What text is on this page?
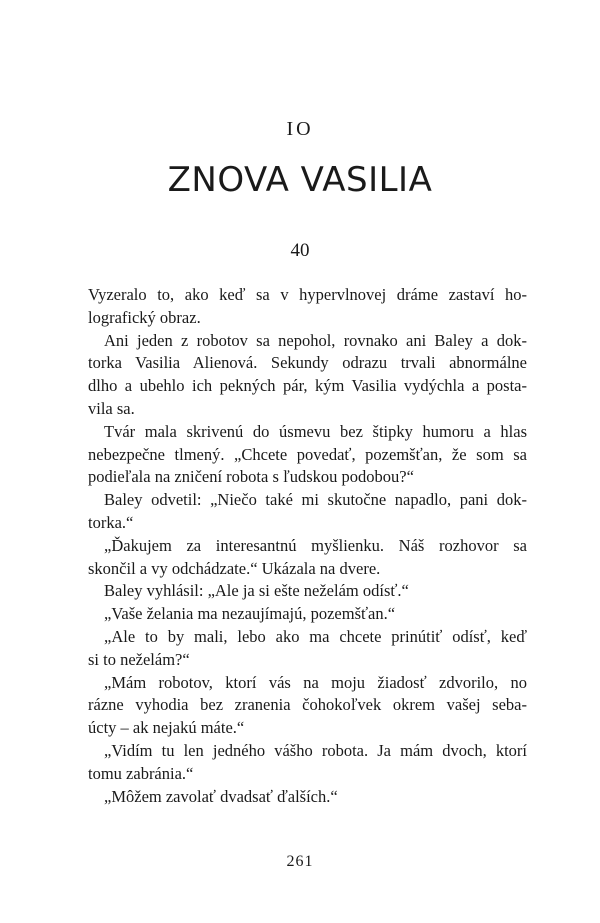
IO
ZNOVA VASILIA
40
Vyzeralo to, ako keď sa v hypervlnovej dráme zastaví ho-
lografický obraz.
Ani jeden z robotov sa nepohol, rovnako ani Baley a dok-
torka Vasilia Alienová. Sekundy odrazu trvali abnormálne
dlho a ubehlo ich pekných pár, kým Vasilia vydýchla a posta-
vila sa.
Tvár mala skrivenú do úsmevu bez štipky humoru a hlas
nebezpečne tlmený. „Chcete povedať, pozemšťan, že som sa
podieľala na zničení robota s ľudskou podobou?“
Baley odvetil: „Niečo také mi skutočne napadlo, pani dok-
torka.“
„Ďakujem za interesantnú myšlienku. Náš rozhovor sa
skončil a vy odchádzate.“ Ukázala na dvere.
Baley vyhlásil: „Ale ja si ešte neželám odísť.“
„Vaše želania ma nezaujímajú, pozemšťan.“
„Ale to by mali, lebo ako ma chcete prinútiť odísť, keď
si to neželám?“
„Mám robotov, ktorí vás na moju žiadosť zdvorilo, no
rázne vyhodia bez zranenia čohokoľvek okrem vašej seba-
úcty – ak nejakú máte.“
„Vidím tu len jedného vášho robota. Ja mám dvoch, ktorí
tomu zabránia.“
„Môžem zavolať dvadsať ďalších.“
261
